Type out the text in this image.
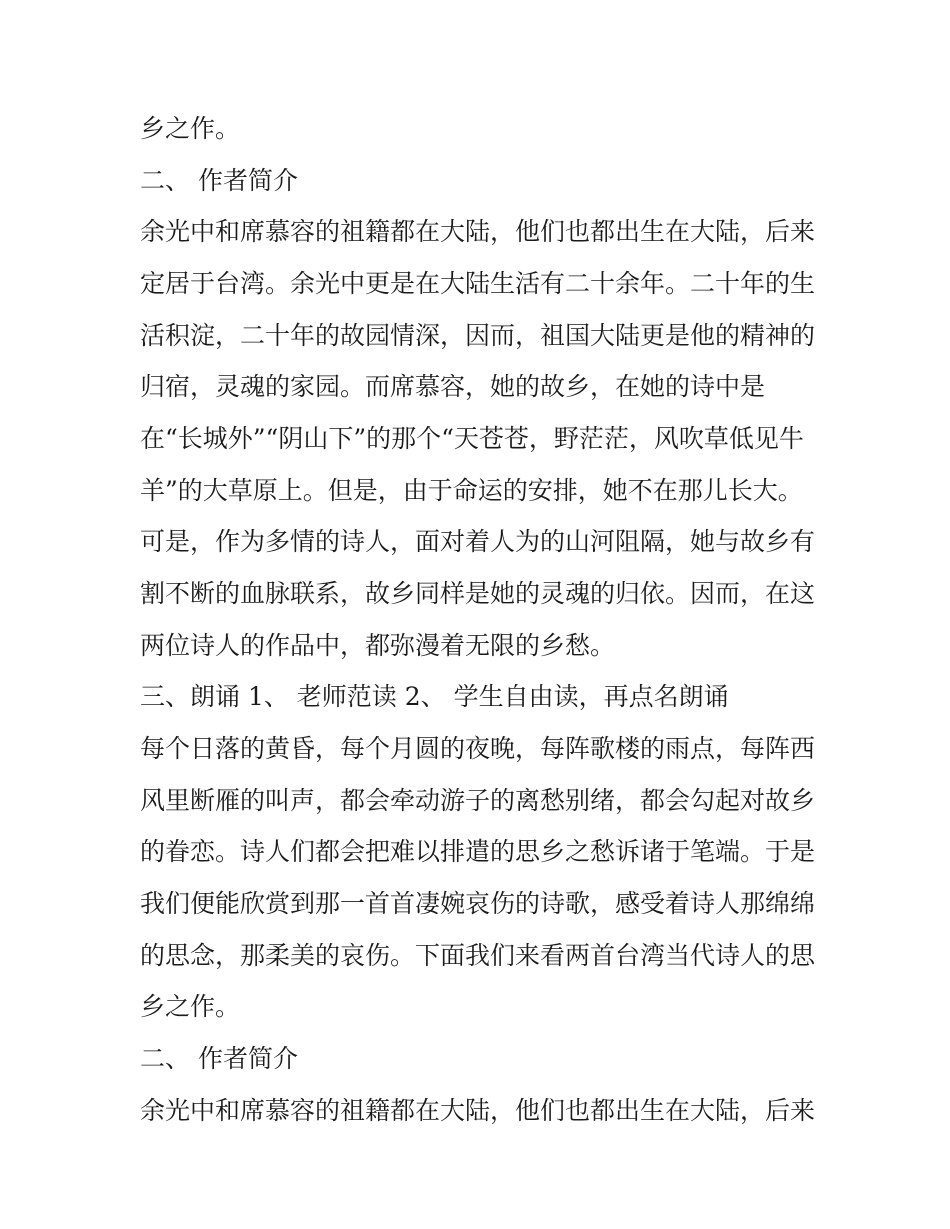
乡之作。
二、 作者简介
余光中和席慕容的祖籍都在大陆，他们也都出生在大陆，后来
定居于台湾。余光中更是在大陆生活有二十余年。二十年的生
活积淀，二十年的故园情深，因而，祖国大陆更是他的精神的
归宿，灵魂的家园。而席慕容，她的故乡，在她的诗中是
在“长城外”“阴山下”的那个“天苍苍，野茫茫，风吹草低见牛
羊”的大草原上。但是，由于命运的安排，她不在那儿长大。
可是，作为多情的诗人，面对着人为的山河阻隔，她与故乡有
割不断的血脉联系，故乡同样是她的灵魂的归依。因而，在这
两位诗人的作品中，都弥漫着无限的乡愁。
三、朗诵 1、 老师范读 2、 学生自由读，再点名朗诵
每个日落的黄昏，每个月圆的夜晚，每阵歌楼的雨点，每阵西
风里断雁的叫声，都会牵动游子的离愁别绪，都会勾起对故乡
的眷恋。诗人们都会把难以排遣的思乡之愁诉诸于笔端。于是
我们便能欣赏到那一首首凄婉哀伤的诗歌，感受着诗人那绵绵
的思念，那柔美的哀伤。下面我们来看两首台湾当代诗人的思
乡之作。
二、 作者简介
余光中和席慕容的祖籍都在大陆，他们也都出生在大陆，后来
